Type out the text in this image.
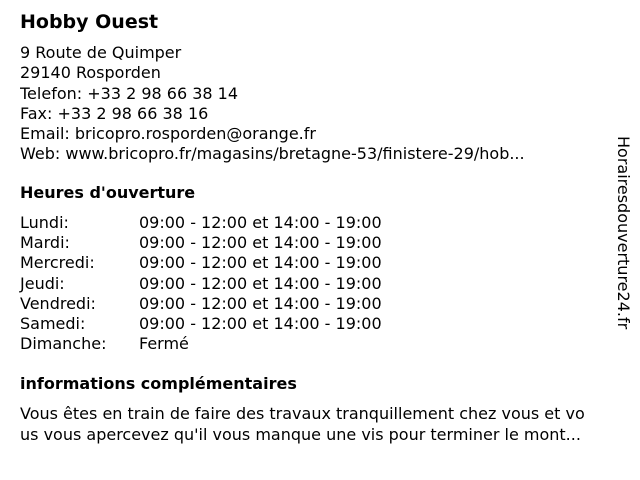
Hobby Ouest
9 Route de Quimper
29140 Rosporden
Telefon: +33 2 98 66 38 14
Fax: +33 2 98 66 38 16
Email: bricopro.rosporden@orange.fr
Web: www.bricopro.fr/magasins/bretagne-53/finistere-29/hob...
Heures d'ouverture
Lundi:	09:00 - 12:00 et 14:00 - 19:00
Mardi:	09:00 - 12:00 et 14:00 - 19:00
Mercredi:	09:00 - 12:00 et 14:00 - 19:00
Jeudi:	09:00 - 12:00 et 14:00 - 19:00
Vendredi:	09:00 - 12:00 et 14:00 - 19:00
Samedi:	09:00 - 12:00 et 14:00 - 19:00
Dimanche: Fermé
informations complémentaires
Vous êtes en train de faire des travaux tranquillement chez vous et vo
us vous apercevez qu'il vous manque une vis pour terminer le mont...
Horairesdouverture24.fr
